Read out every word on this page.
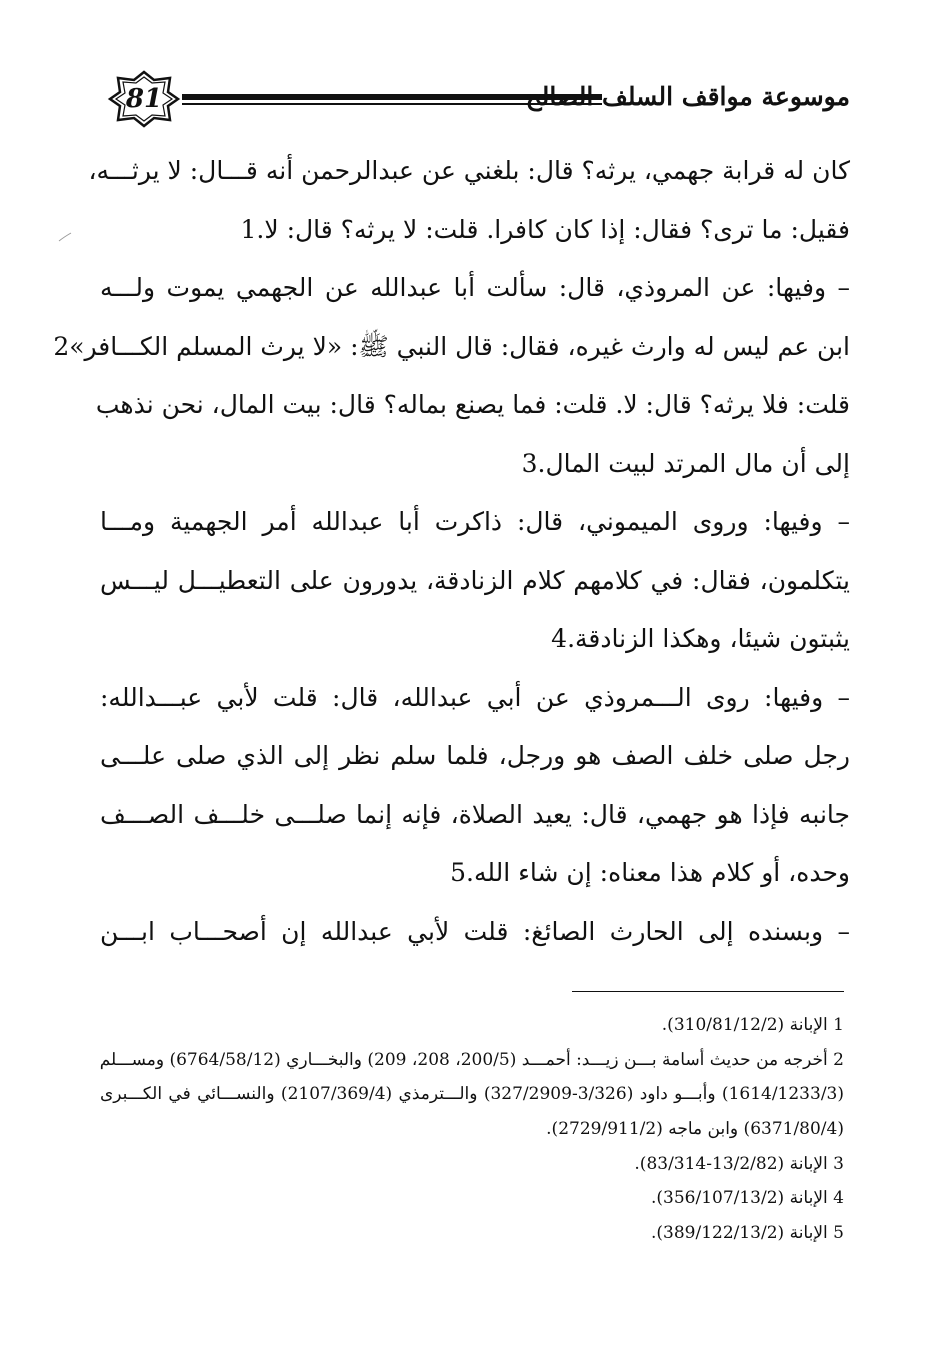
81	موسوعة مواقف السلف الصالح
كان له قرابة جهمي، يرثه؟ قال: بلغني عن عبدالرحمن أنه قـــال: لا يرثـــه،
فقيل: ما ترى؟ فقال: إذا كان كافرا. قلت: لا يرثه؟ قال: لا.1
– وفيها: عن المروذي، قال: سألت أبا عبدالله عن الجهمي يموت ولـــه
ابن عم ليس له وارث غيره، فقال: قال النبي ﷺ: «لا يرث المسلم الكـــافر»2
قلت: فلا يرثه؟ قال: لا. قلت: فما يصنع بماله؟ قال: بيت المال، نحن نذهب
إلى أن مال المرتد لبيت المال.3
– وفيها: وروى الميموني، قال: ذاكرت أبا عبدالله أمر الجهمية ومـــا
يتكلمون، فقال: في كلامهم كلام الزنادقة، يدورون على التعطيـــل ليـــس
يثبتون شيئا، وهكذا الزنادقة.4
– وفيها: روى الـــمروذي عن أبي عبدالله، قال: قلت لأبي عبـــدالله:
رجل صلى خلف الصف هو ورجل، فلما سلم نظر إلى الذي صلى علـــى
جانبه فإذا هو جهمي، قال: يعيد الصلاة، فإنه إنما صلـــى خلـــف الصـــف
وحده، أو كلام هذا معناه: إن شاء الله.5
– وبسنده إلى الحارث الصائغ: قلت لأبي عبدالله إن أصحـــاب ابـــن
1 الإبانة (310/81/12/2).
2 أخرجه من حديث أسامة بـــن زيـــد: أحمـــد (200/5، 208، 209) والبخـــاري (6764/58/12) ومســـلم
(1614/1233/3) وأبـــو داود (3/326-327/2909) والـــترمذي (2107/369/4) والنســـائي في الكـــبرى
(6371/80/4) وابن ماجه (2729/911/2).
3 الإبانة (13/2/82-83/314).
4 الإبانة (356/107/13/2).
5 الإبانة (389/122/13/2).
